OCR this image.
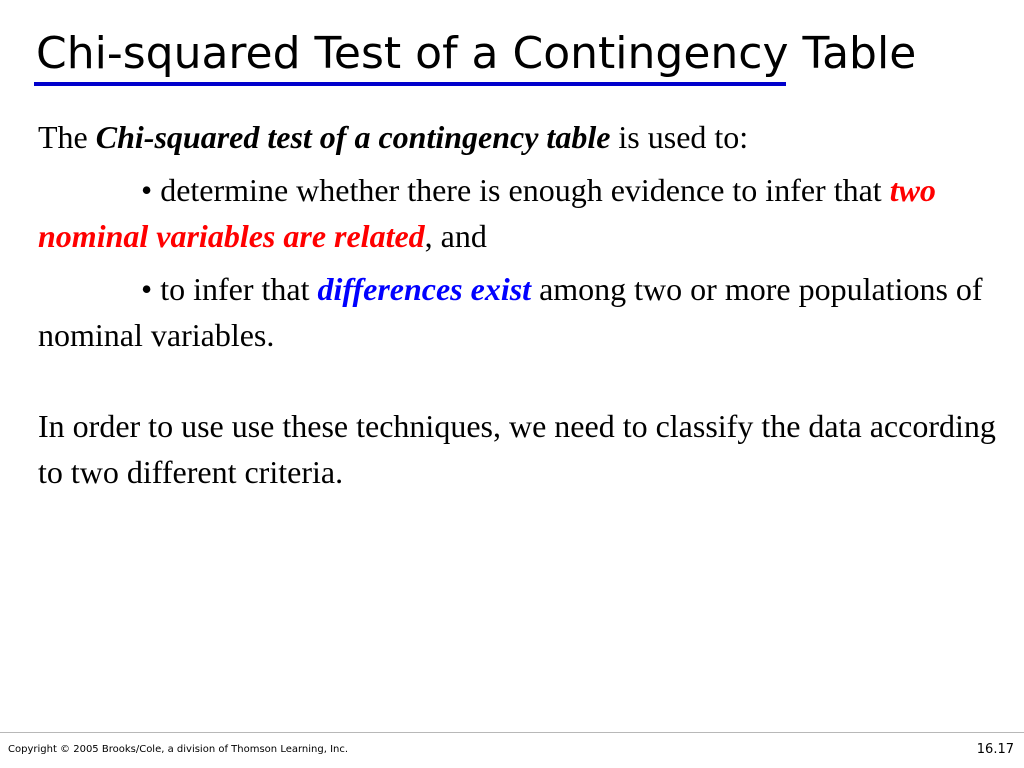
Chi-squared Test of a Contingency Table

The Chi-squared test of a contingency table is used to:

• determine whether there is enough evidence to infer that two nominal variables are related, and

• to infer that differences exist among two or more populations of nominal variables.

In order to use use these techniques, we need to classify the data according to two different criteria.

Copyright © 2005 Brooks/Cole, a division of Thomson Learning, Inc.	16.17
